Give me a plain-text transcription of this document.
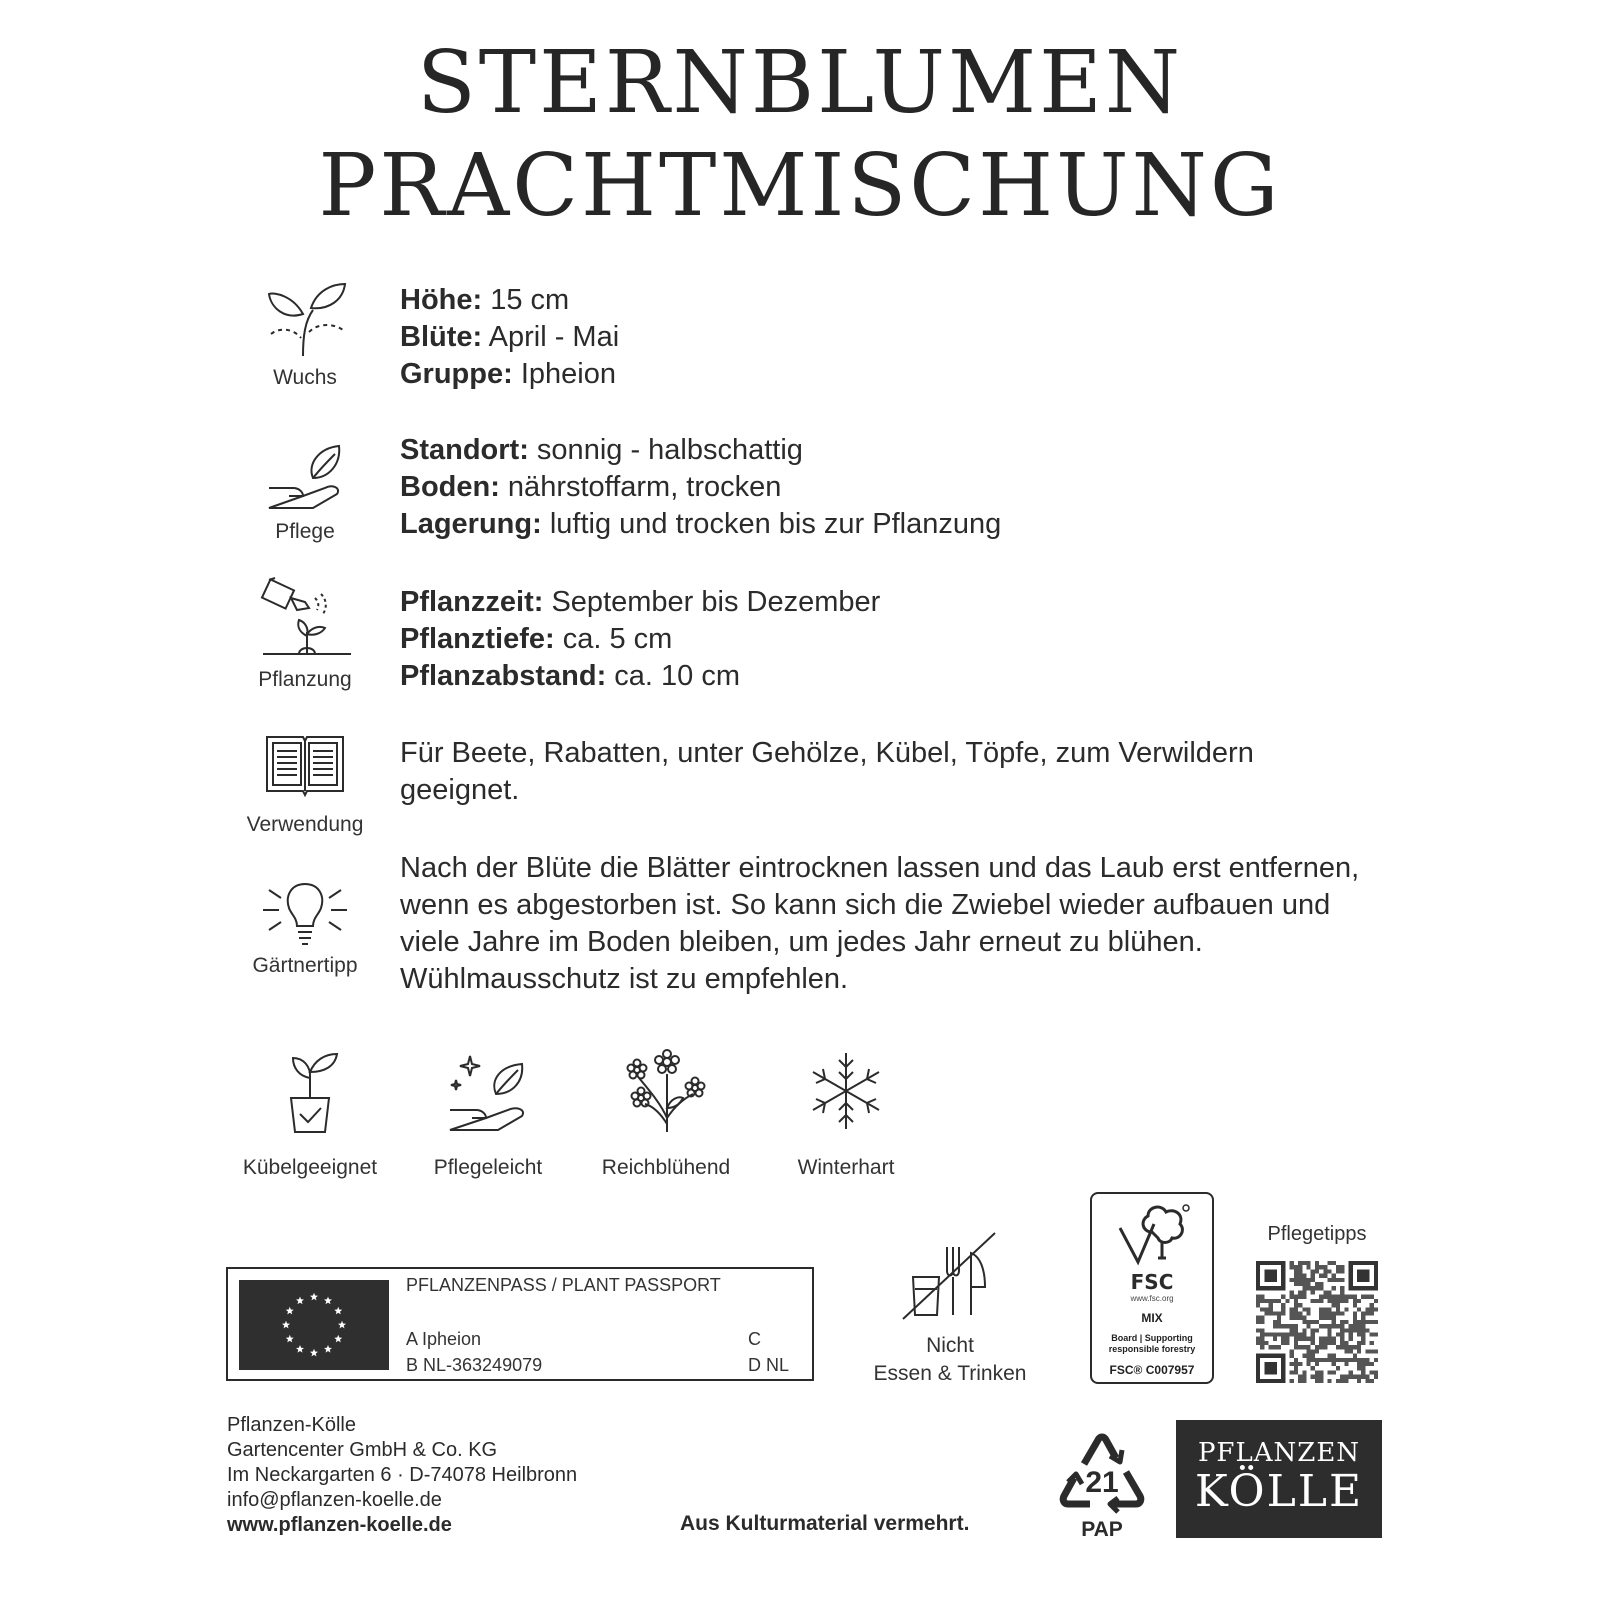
STERNBLUMEN
PRACHTMISCHUNG
Wuchs
Höhe: 15 cm
Blüte: April - Mai
Gruppe: Ipheion
Pflege
Standort: sonnig - halbschattig
Boden: nährstoffarm, trocken
Lagerung: luftig und trocken bis zur Pflanzung
Pflanzung
Pflanzzeit: September bis Dezember
Pflanztiefe: ca. 5 cm
Pflanzabstand: ca. 10 cm
Verwendung
Für Beete, Rabatten, unter Gehölze, Kübel, Töpfe, zum Verwildern geeignet.
Gärtnertipp
Nach der Blüte die Blätter eintrocknen lassen und das Laub erst entfernen, wenn es abgestorben ist. So kann sich die Zwiebel wieder aufbauen und viele Jahre im Boden bleiben, um jedes Jahr erneut zu blühen. Wühlmausschutz ist zu empfehlen.
Kübelgeeignet	Pflegeleicht	Reichblühend	Winterhart
PFLANZENPASS / PLANT PASSPORT
A Ipheion
B NL-363249079
C
D NL
Nicht
Essen & Trinken
FSC
www.fsc.org
MIX
Board | Supporting responsible forestry
FSC® C007957
Pflegetipps
Pflanzen-Kölle
Gartencenter GmbH & Co. KG
Im Neckargarten 6 · D-74078 Heilbronn
info@pflanzen-koelle.de
www.pflanzen-koelle.de	Aus Kulturmaterial vermehrt.
21
PAP
PFLANZEN
KÖLLE
